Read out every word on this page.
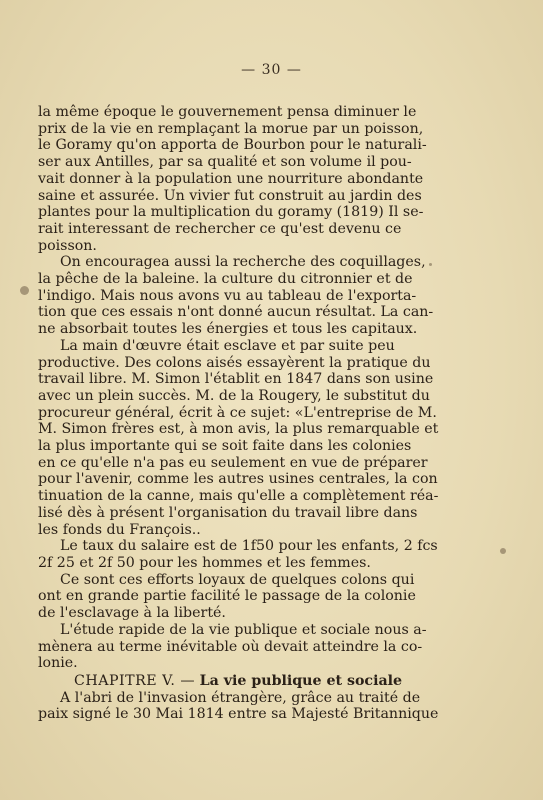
— 30 —

la même époque le gouvernement pensa diminuer le
prix de la vie en remplaçant la morue par un poisson,
le Goramy qu'on apporta de Bourbon pour le naturali-
ser aux Antilles, par sa qualité et son volume il pou-
vait donner à la population une nourriture abondante
saine et assurée. Un vivier fut construit au jardin des
plantes pour la multiplication du goramy (1819) Il se-
rait interessant de rechercher ce qu'est devenu ce
poisson.

On encouragea aussi la recherche des coquillages,
la pêche de la baleine. la culture du citronnier et de
l'indigo. Mais nous avons vu au tableau de l'exporta-
tion que ces essais n'ont donné aucun résultat. La can-
ne absorbait toutes les énergies et tous les capitaux.

La main d'œuvre était esclave et par suite peu
productive. Des colons aisés essayèrent la pratique du
travail libre. M. Simon l'établit en 1847 dans son usine
avec un plein succès. M. de la Rougery, le substitut du
procureur général, écrit à ce sujet: «L'entreprise de M.
M. Simon frères est, à mon avis, la plus remarquable et
la plus importante qui se soit faite dans les colonies
en ce qu'elle n'a pas eu seulement en vue de préparer
pour l'avenir, comme les autres usines centrales, la con
tinuation de la canne, mais qu'elle a complètement réa-
lisé dès à présent l'organisation du travail libre dans
les fonds du François..

Le taux du salaire est de 1f50 pour les enfants, 2 fcs
2f 25 et 2f 50 pour les hommes et les femmes.

Ce sont ces efforts loyaux de quelques colons qui
ont en grande partie facilité le passage de la colonie
de l'esclavage à la liberté.

L'étude rapide de la vie publique et sociale nous a-
mènera au terme inévitable où devait atteindre la co-
lonie.

CHAPITRE V. — La vie publique et sociale

A l'abri de l'invasion étrangère, grâce au traité de
paix signé le 30 Mai 1814 entre sa Majesté Britannique
